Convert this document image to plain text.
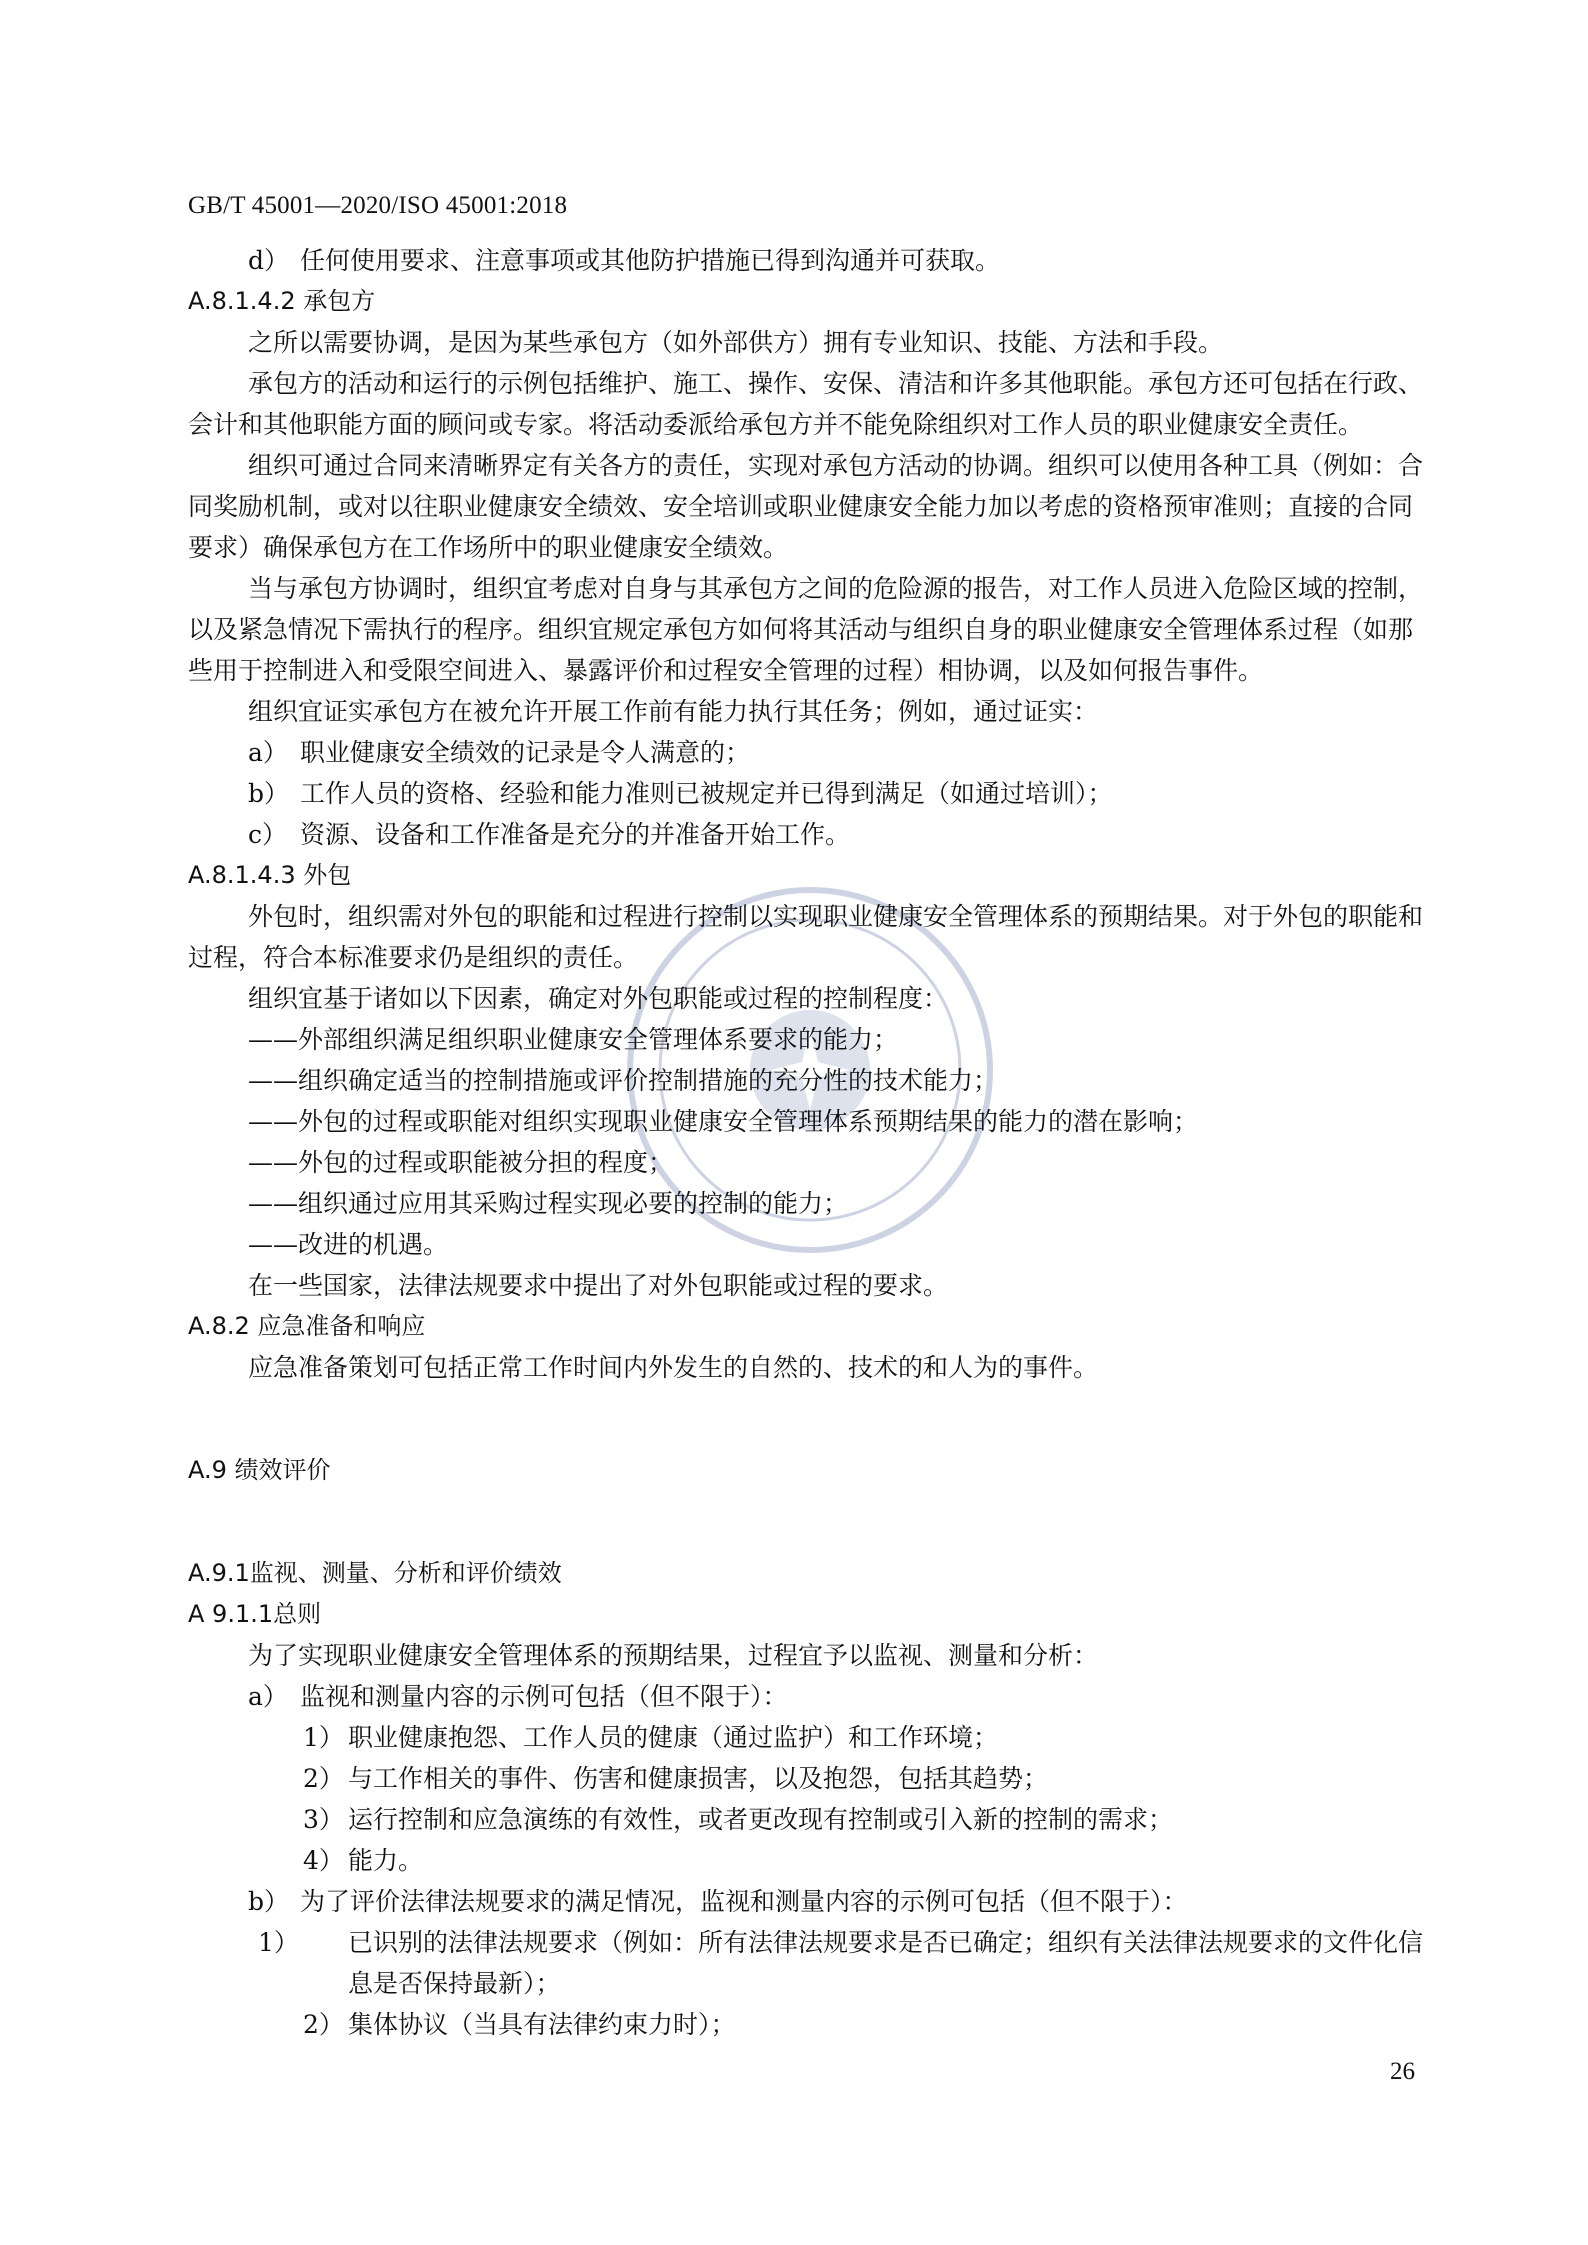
GB/T 45001—2020/ISO 45001:2018

d） 任何使用要求、注意事项或其他防护措施已得到沟通并可获取。

A.8.1.4.2 承包方

之所以需要协调，是因为某些承包方（如外部供方）拥有专业知识、技能、方法和手段。

承包方的活动和运行的示例包括维护、施工、操作、安保、清洁和许多其他职能。承包方还可包括在行政、会计和其他职能方面的顾问或专家。将活动委派给承包方并不能免除组织对工作人员的职业健康安全责任。

组织可通过合同来清晰界定有关各方的责任，实现对承包方活动的协调。组织可以使用各种工具（例如：合同奖励机制，或对以往职业健康安全绩效、安全培训或职业健康安全能力加以考虑的资格预审准则；直接的合同要求）确保承包方在工作场所中的职业健康安全绩效。

当与承包方协调时，组织宜考虑对自身与其承包方之间的危险源的报告，对工作人员进入危险区域的控制，以及紧急情况下需执行的程序。组织宜规定承包方如何将其活动与组织自身的职业健康安全管理体系过程（如那些用于控制进入和受限空间进入、暴露评价和过程安全管理的过程）相协调，以及如何报告事件。

组织宜证实承包方在被允许开展工作前有能力执行其任务；例如，通过证实：

a） 职业健康安全绩效的记录是令人满意的；

b） 工作人员的资格、经验和能力准则已被规定并已得到满足（如通过培训）；

c） 资源、设备和工作准备是充分的并准备开始工作。

A.8.1.4.3 外包

外包时，组织需对外包的职能和过程进行控制以实现职业健康安全管理体系的预期结果。对于外包的职能和过程，符合本标准要求仍是组织的责任。

组织宜基于诸如以下因素，确定对外包职能或过程的控制程度：

——外部组织满足组织职业健康安全管理体系要求的能力；

——组织确定适当的控制措施或评价控制措施的充分性的技术能力；

——外包的过程或职能对组织实现职业健康安全管理体系预期结果的能力的潜在影响；

——外包的过程或职能被分担的程度；

——组织通过应用其采购过程实现必要的控制的能力；

——改进的机遇。

在一些国家，法律法规要求中提出了对外包职能或过程的要求。

A.8.2 应急准备和响应

应急准备策划可包括正常工作时间内外发生的自然的、技术的和人为的事件。

A.9 绩效评价

A.9.1监视、测量、分析和评价绩效

A 9.1.1总则

为了实现职业健康安全管理体系的预期结果，过程宜予以监视、测量和分析：

a） 监视和测量内容的示例可包括（但不限于）：

1） 职业健康抱怨、工作人员的健康（通过监护）和工作环境；

2） 与工作相关的事件、伤害和健康损害，以及抱怨，包括其趋势；

3） 运行控制和应急演练的有效性，或者更改现有控制或引入新的控制的需求；

4） 能力。

b） 为了评价法律法规要求的满足情况，监视和测量内容的示例可包括（但不限于）：

1） 已识别的法律法规要求（例如：所有法律法规要求是否已确定；组织有关法律法规要求的文件化信息是否保持最新）；

2） 集体协议（当具有法律约束力时）；

26
